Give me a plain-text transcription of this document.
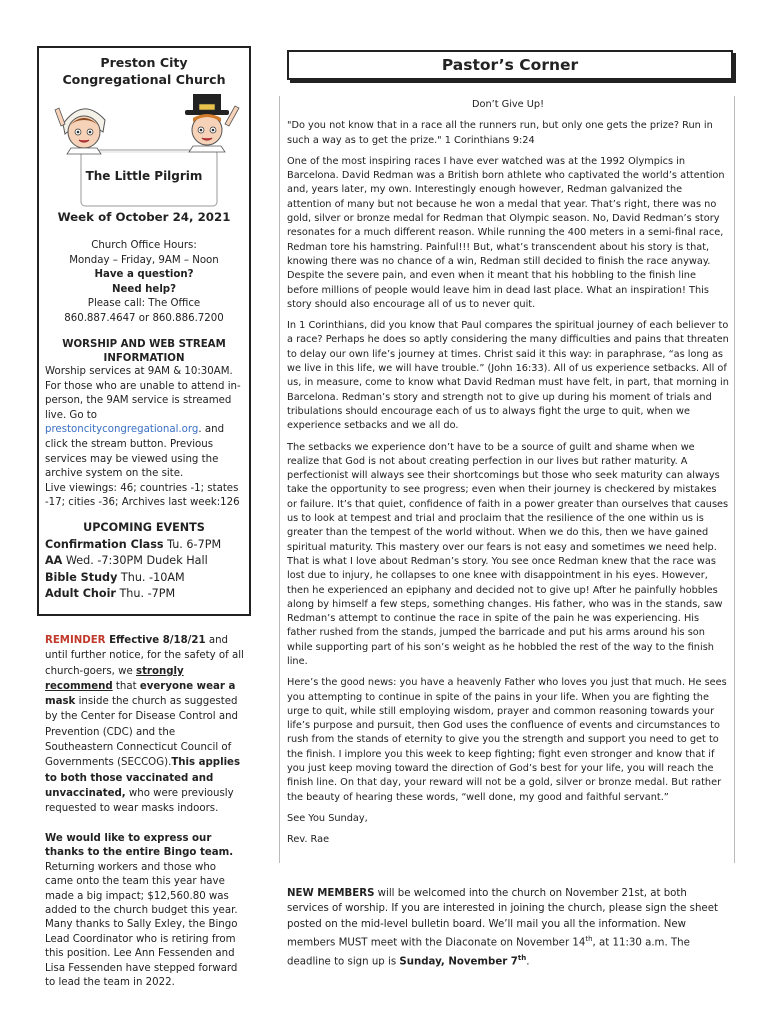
Preston City
Congregational Church
The Little Pilgrim
Week of October 24, 2021
Church Office Hours:
Monday – Friday, 9AM – Noon
Have a question?
Need help?
Please call: The Office
860.887.4647 or 860.886.7200
WORSHIP AND WEB STREAM
INFORMATION
Worship services at 9AM & 10:30AM. For those who are unable to attend in-person, the 9AM service is streamed live. Go to prestoncitycongregational.org. and click the stream button. Previous services may be viewed using the archive system on the site.
Live viewings: 46; countries -1; states -17; cities -36; Archives last week:126
UPCOMING EVENTS
Confirmation Class Tu. 6-7PM
AA Wed. -7:30PM Dudek Hall
Bible Study Thu. -10AM
Adult Choir Thu. -7PM
REMINDER Effective 8/18/21 and until further notice, for the safety of all church-goers, we strongly recommend that everyone wear a mask inside the church as suggested by the Center for Disease Control and Prevention (CDC) and the Southeastern Connecticut Council of Governments (SECCOG).This applies to both those vaccinated and unvaccinated, who were previously requested to wear masks indoors.
We would like to express our thanks to the entire Bingo team. Returning workers and those who came onto the team this year have made a big impact; $12,560.80 was added to the church budget this year. Many thanks to Sally Exley, the Bingo Lead Coordinator who is retiring from this position. Lee Ann Fessenden and Lisa Fessenden have stepped forward to lead the team in 2022.
Pastor’s Corner

Don’t Give Up!

"Do you not know that in a race all the runners run, but only one gets the prize? Run in such a way as to get the prize." 1 Corinthians 9:24

One of the most inspiring races I have ever watched was at the 1992 Olympics in Barcelona. David Redman was a British born athlete who captivated the world’s attention and, years later, my own. Interestingly enough however, Redman galvanized the attention of many but not because he won a medal that year. That’s right, there was no gold, silver or bronze medal for Redman that Olympic season. No, David Redman’s story resonates for a much different reason. While running the 400 meters in a semi-final race, Redman tore his hamstring. Painful!!! But, what’s transcendent about his story is that, knowing there was no chance of a win, Redman still decided to finish the race anyway. Despite the severe pain, and even when it meant that his hobbling to the finish line before millions of people would leave him in dead last place. What an inspiration! This story should also encourage all of us to never quit.

In 1 Corinthians, did you know that Paul compares the spiritual journey of each believer to a race? Perhaps he does so aptly considering the many difficulties and pains that threaten to delay our own life’s journey at times. Christ said it this way: in paraphrase, “as long as we live in this life, we will have trouble.” (John 16:33). All of us experience setbacks. All of us, in measure, come to know what David Redman must have felt, in part, that morning in Barcelona. Redman’s story and strength not to give up during his moment of trials and tribulations should encourage each of us to always fight the urge to quit, when we experience setbacks and we all do.

The setbacks we experience don’t have to be a source of guilt and shame when we realize that God is not about creating perfection in our lives but rather maturity. A perfectionist will always see their shortcomings but those who seek maturity can always take the opportunity to see progress; even when their journey is checkered by mistakes or failure. It’s that quiet, confidence of faith in a power greater than ourselves that causes us to look at tempest and trial and proclaim that the resilience of the one within us is greater than the tempest of the world without. When we do this, then we have gained spiritual maturity. This mastery over our fears is not easy and sometimes we need help. That is what I love about Redman’s story. You see once Redman knew that the race was lost due to injury, he collapses to one knee with disappointment in his eyes. However, then he experienced an epiphany and decided not to give up! After he painfully hobbles along by himself a few steps, something changes. His father, who was in the stands, saw Redman’s attempt to continue the race in spite of the pain he was experiencing. His father rushed from the stands, jumped the barricade and put his arms around his son while supporting part of his son’s weight as he hobbled the rest of the way to the finish line.

Here’s the good news: you have a heavenly Father who loves you just that much. He sees you attempting to continue in spite of the pains in your life. When you are fighting the urge to quit, while still employing wisdom, prayer and common reasoning towards your life’s purpose and pursuit, then God uses the confluence of events and circumstances to rush from the stands of eternity to give you the strength and support you need to get to the finish. I implore you this week to keep fighting; fight even stronger and know that if you just keep moving toward the direction of God’s best for your life, you will reach the finish line. On that day, your reward will not be a gold, silver or bronze medal. But rather the beauty of hearing these words, “well done, my good and faithful servant.”

See You Sunday,

Rev. Rae

NEW MEMBERS will be welcomed into the church on November 21st, at both services of worship. If you are interested in joining the church, please sign the sheet posted on the mid-level bulletin board. We’ll mail you all the information. New members MUST meet with the Diaconate on November 14th, at 11:30 a.m. The deadline to sign up is Sunday, November 7th.
